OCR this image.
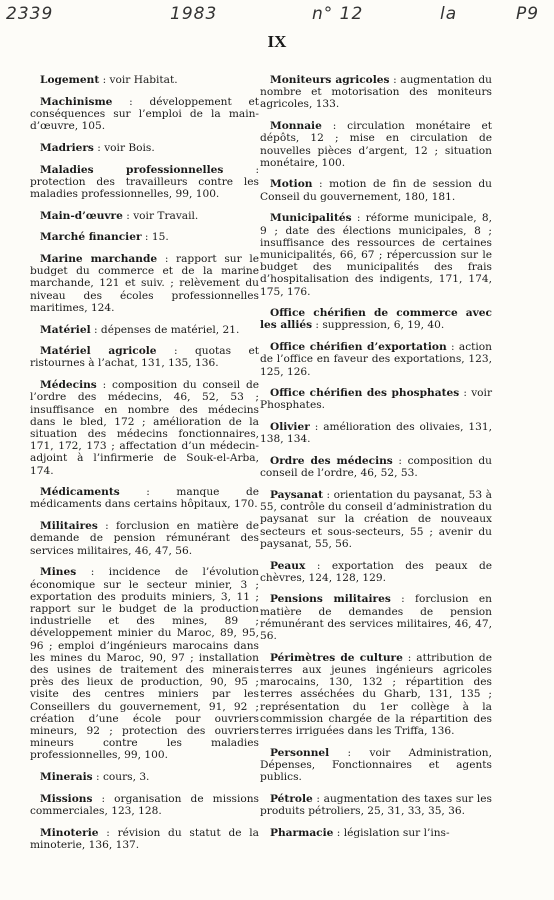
2339	1983	n° 12	la	P9
IX

Logement : voir Habitat.

Machinisme : développement et conséquences sur l’emploi de la main-d’œuvre, 105.

Madriers : voir Bois.

Maladies professionnelles : protection des travailleurs contre les maladies professionnelles, 99, 100.

Main-d’œuvre : voir Travail.

Marché financier : 15.

Marine marchande : rapport sur le budget du commerce et de la marine marchande, 121 et suiv. ; relèvement du niveau des écoles professionnelles maritimes, 124.

Matériel : dépenses de matériel, 21.

Matériel agricole : quotas et ristournes à l’achat, 131, 135, 136.

Médecins : composition du conseil de l’ordre des médecins, 46, 52, 53 ; insuffisance en nombre des médecins dans le bled, 172 ; amélioration de la situation des médecins fonctionnaires, 171, 172, 173 ; affectation d’un médecin-adjoint à l’infirmerie de Souk-el-Arba, 174.

Médicaments : manque de médicaments dans certains hôpitaux, 170.

Militaires : forclusion en matière de demande de pension rémunérant des services militaires, 46, 47, 56.

Mines : incidence de l’évolution économique sur le secteur minier, 3 ; exportation des produits miniers, 3, 11 ; rapport sur le budget de la production industrielle et des mines, 89 ; développement minier du Maroc, 89, 95, 96 ; emploi d’ingénieurs marocains dans les mines du Maroc, 90, 97 ; installation des usines de traitement des minerais près des lieux de production, 90, 95 ; visite des centres miniers par les Conseillers du gouvernement, 91, 92 ; création d’une école pour ouvriers mineurs, 92 ; protection des ouvriers mineurs contre les maladies professionnelles, 99, 100.

Minerais : cours, 3.

Missions : organisation de missions commerciales, 123, 128.

Minoterie : révision du statut de la minoterie, 136, 137.

Moniteurs agricoles : augmentation du nombre et motorisation des moniteurs agricoles, 133.

Monnaie : circulation monétaire et dépôts, 12 ; mise en circulation de nouvelles pièces d’argent, 12 ; situation monétaire, 100.

Motion : motion de fin de session du Conseil du gouvernement, 180, 181.

Municipalités : réforme municipale, 8, 9 ; date des élections municipales, 8 ; insuffisance des ressources de certaines municipalités, 66, 67 ; répercussion sur le budget des municipalités des frais d’hospitalisation des indigents, 171, 174, 175, 176.

Office chérifien de commerce avec les alliés : suppression, 6, 19, 40.

Office chérifien d’exportation : action de l’office en faveur des exportations, 123, 125, 126.

Office chérifien des phosphates : voir Phosphates.

Olivier : amélioration des olivaies, 131, 138, 134.

Ordre des médecins : composition du conseil de l’ordre, 46, 52, 53.

Paysanat : orientation du paysanat, 53 à 55, contrôle du conseil d’administration du paysanat sur la création de nouveaux secteurs et sous-secteurs, 55 ; avenir du paysanat, 55, 56.

Peaux : exportation des peaux de chèvres, 124, 128, 129.

Pensions militaires : forclusion en matière de demandes de pension rémunérant des services militaires, 46, 47, 56.

Périmètres de culture : attribution de terres aux jeunes ingénieurs agricoles marocains, 130, 132 ; répartition des terres asséchées du Gharb, 131, 135 ; représentation du 1er collège à la commission chargée de la répartition des terres irriguées dans les Triffa, 136.

Personnel : voir Administration, Dépenses, Fonctionnaires et agents publics.

Pétrole : augmentation des taxes sur les produits pétroliers, 25, 31, 33, 35, 36.

Pharmacie : législation sur l’ins-
